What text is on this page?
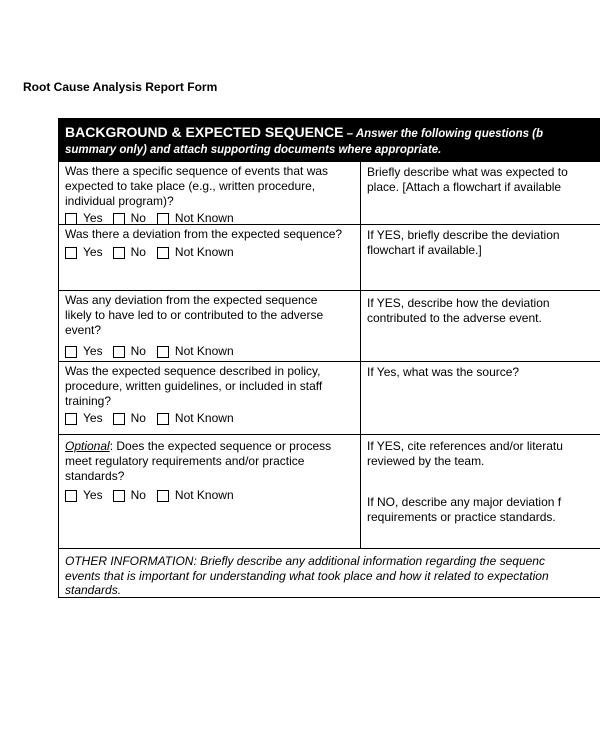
Root Cause Analysis Report Form
BACKGROUND & EXPECTED SEQUENCE – Answer the following questions (b
summary only) and attach supporting documents where appropriate.
Was there a specific sequence of events that was
expected to take place (e.g., written procedure,
individual program)?
Yes No Not Known
Briefly describe what was expected to
place. [Attach a flowchart if available
Was there a deviation from the expected sequence?
Yes No Not Known
If YES, briefly describe the deviation
flowchart if available.]
Was any deviation from the expected sequence
likely to have led to or contributed to the adverse
event?
Yes No Not Known
If YES, describe how the deviation
contributed to the adverse event.
Was the expected sequence described in policy,
procedure, written guidelines, or included in staff
training?
Yes No Not Known
If Yes, what was the source?
Optional: Does the expected sequence or process
meet regulatory requirements and/or practice
standards?
Yes No Not Known
If YES, cite references and/or literatu
reviewed by the team.
If NO, describe any major deviation f
requirements or practice standards.
OTHER INFORMATION: Briefly describe any additional information regarding the sequenc
events that is important for understanding what took place and how it related to expectation
standards.
